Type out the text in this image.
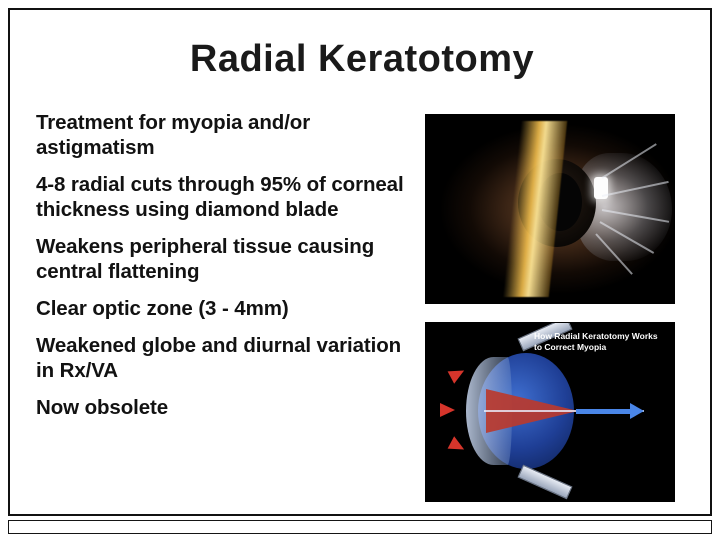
Radial Keratotomy
Treatment for myopia and/or astigmatism
4-8 radial cuts through 95% of corneal thickness using diamond blade
Weakens peripheral tissue causing central flattening
Clear optic zone (3 - 4mm)
Weakened globe and diurnal variation in Rx/VA
Now obsolete
How Radial Keratotomy Works to Correct Myopia
